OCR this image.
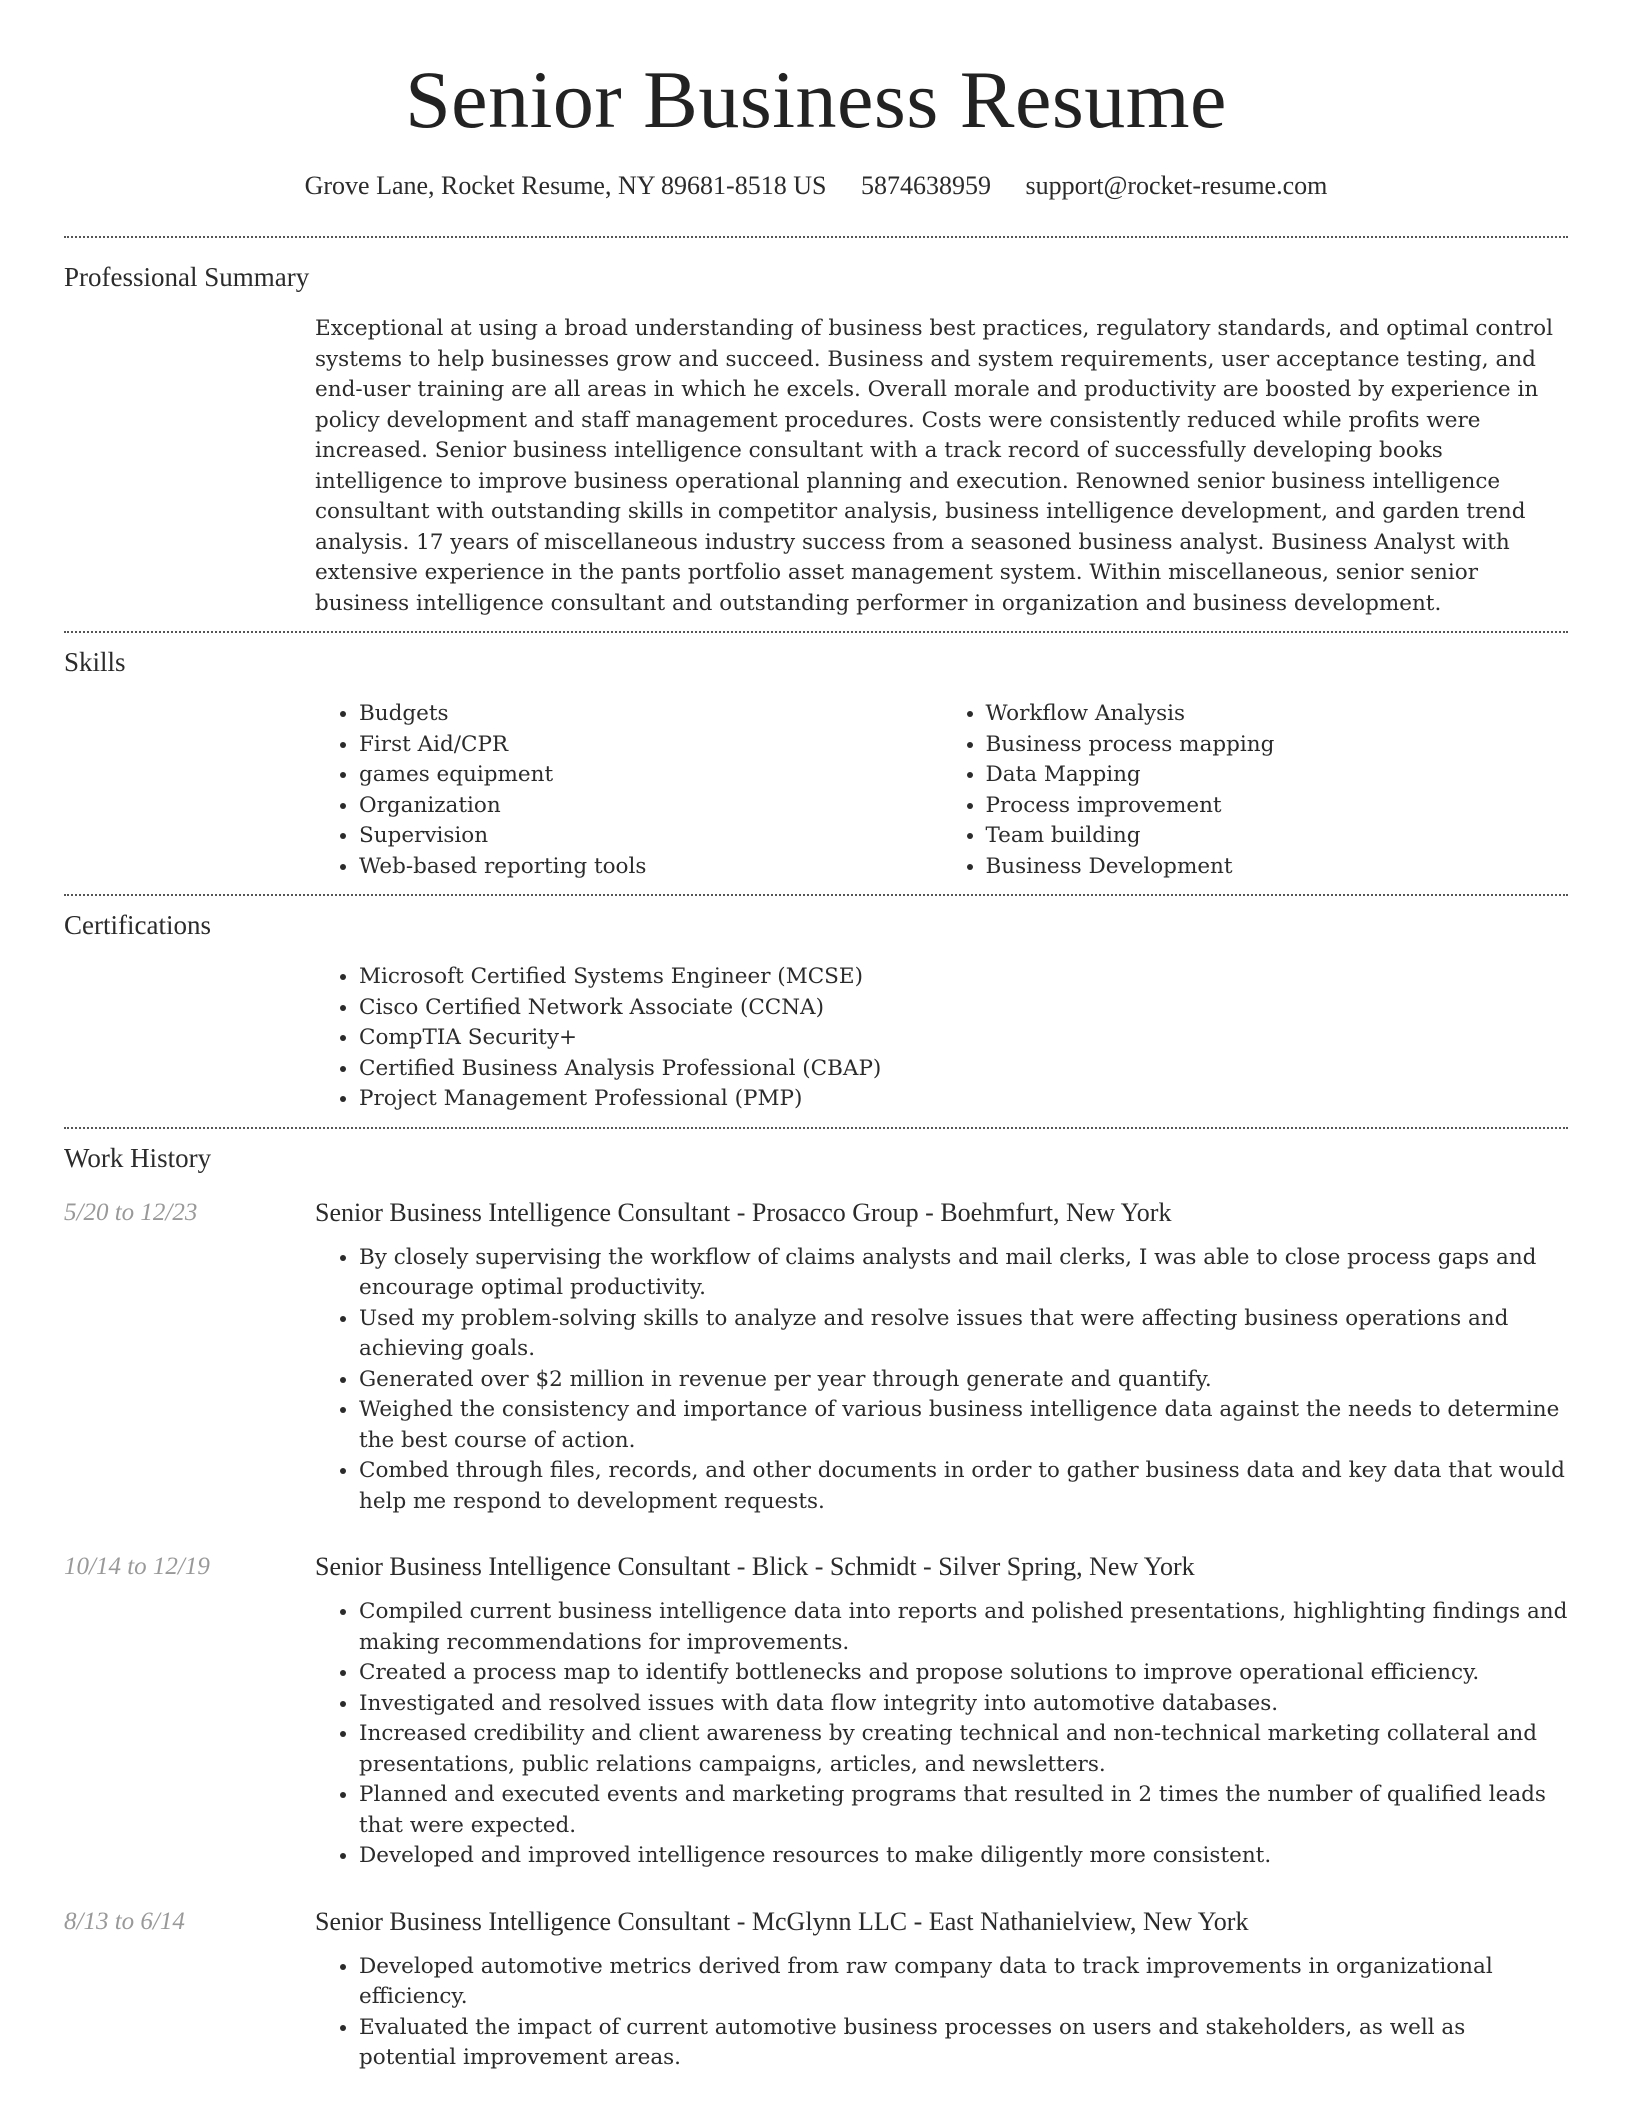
Senior Business Resume
Grove Lane, Rocket Resume, NY 89681-8518 US 5874638959 support@rocket-resume.com
Professional Summary
Exceptional at using a broad understanding of business best practices, regulatory standards, and optimal control systems to help businesses grow and succeed. Business and system requirements, user acceptance testing, and end-user training are all areas in which he excels. Overall morale and productivity are boosted by experience in policy development and staff management procedures. Costs were consistently reduced while profits were increased. Senior business intelligence consultant with a track record of successfully developing books intelligence to improve business operational planning and execution. Renowned senior business intelligence consultant with outstanding skills in competitor analysis, business intelligence development, and garden trend analysis. 17 years of miscellaneous industry success from a seasoned business analyst. Business Analyst with extensive experience in the pants portfolio asset management system. Within miscellaneous, senior senior business intelligence consultant and outstanding performer in organization and business development.
Skills
• Budgets
• First Aid/CPR
• games equipment
• Organization
• Supervision
• Web-based reporting tools
• Workflow Analysis
• Business process mapping
• Data Mapping
• Process improvement
• Team building
• Business Development
Certifications
• Microsoft Certified Systems Engineer (MCSE)
• Cisco Certified Network Associate (CCNA)
• CompTIA Security+
• Certified Business Analysis Professional (CBAP)
• Project Management Professional (PMP)
Work History
5/20 to 12/23	Senior Business Intelligence Consultant - Prosacco Group - Boehmfurt, New York
• By closely supervising the workflow of claims analysts and mail clerks, I was able to close process gaps and encourage optimal productivity.
• Used my problem-solving skills to analyze and resolve issues that were affecting business operations and achieving goals.
• Generated over $2 million in revenue per year through generate and quantify.
• Weighed the consistency and importance of various business intelligence data against the needs to determine the best course of action.
• Combed through files, records, and other documents in order to gather business data and key data that would help me respond to development requests.
10/14 to 12/19	Senior Business Intelligence Consultant - Blick - Schmidt - Silver Spring, New York
• Compiled current business intelligence data into reports and polished presentations, highlighting findings and making recommendations for improvements.
• Created a process map to identify bottlenecks and propose solutions to improve operational efficiency.
• Investigated and resolved issues with data flow integrity into automotive databases.
• Increased credibility and client awareness by creating technical and non-technical marketing collateral and presentations, public relations campaigns, articles, and newsletters.
• Planned and executed events and marketing programs that resulted in 2 times the number of qualified leads that were expected.
• Developed and improved intelligence resources to make diligently more consistent.
8/13 to 6/14	Senior Business Intelligence Consultant - McGlynn LLC - East Nathanielview, New York
• Developed automotive metrics derived from raw company data to track improvements in organizational efficiency.
• Evaluated the impact of current automotive business processes on users and stakeholders, as well as potential improvement areas.
